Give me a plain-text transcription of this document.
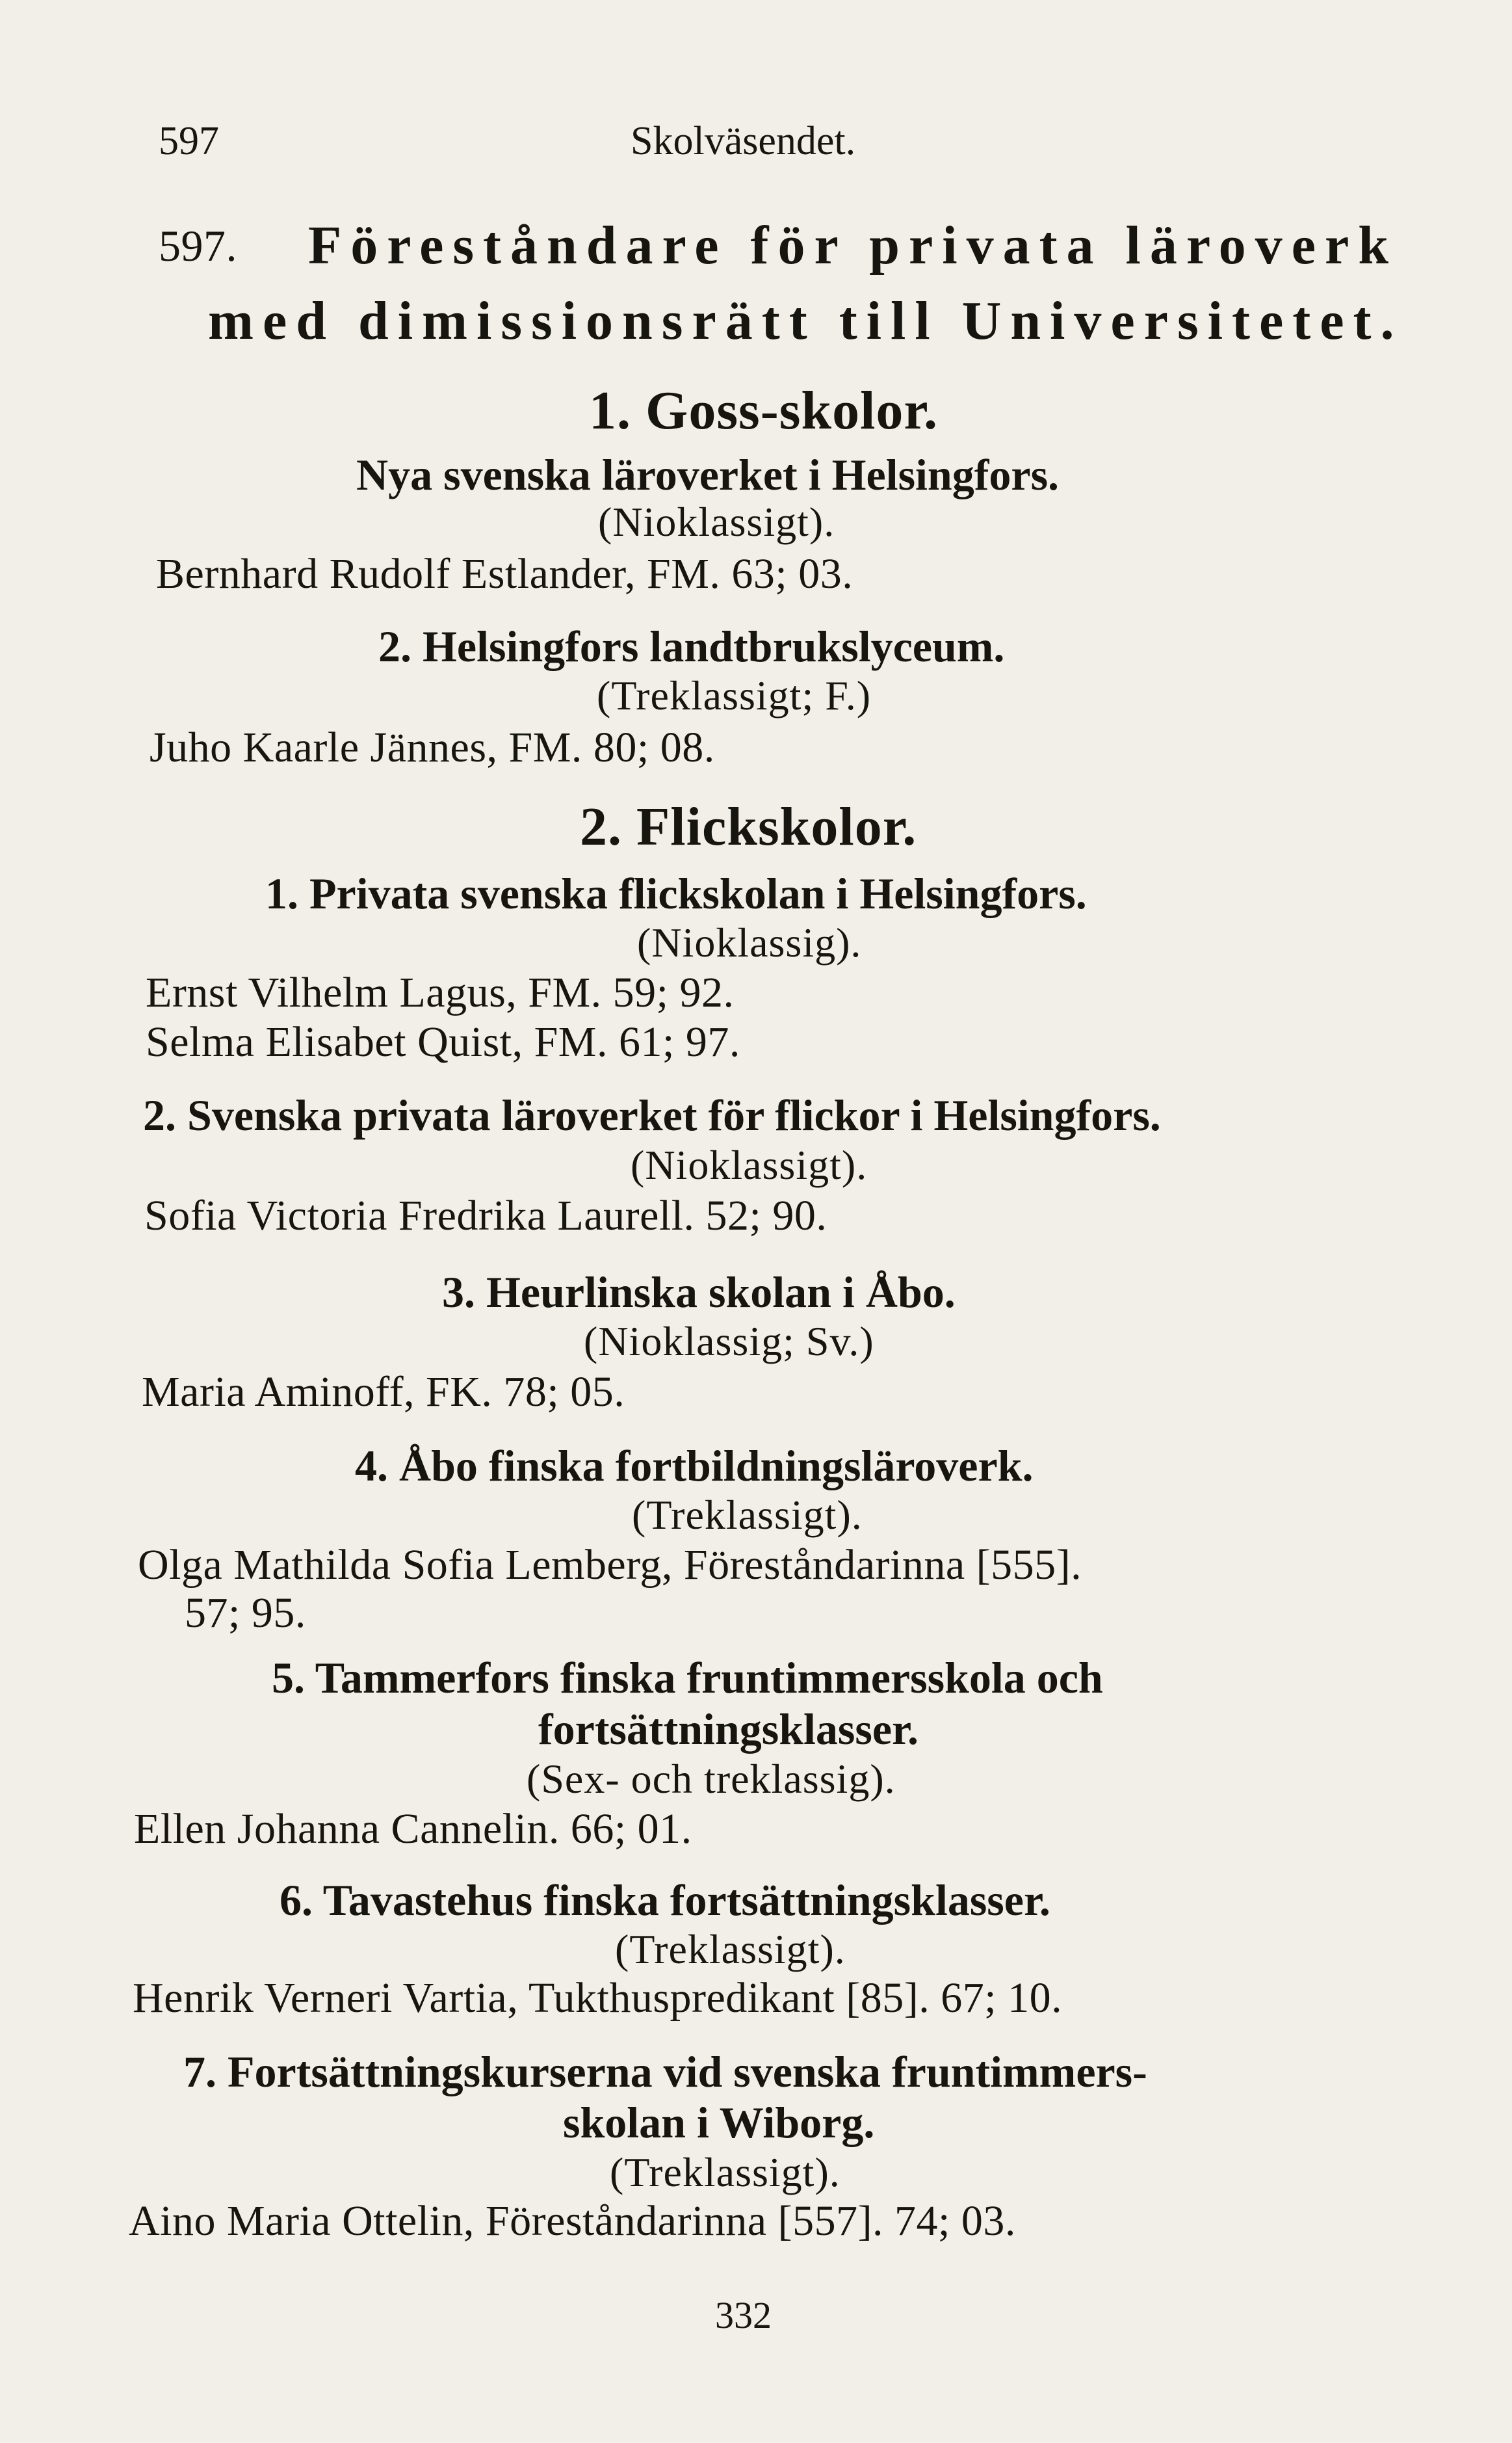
597	Skolväsendet.
597. Föreståndare för privata läroverk
med dimissionsrätt till Universitetet.
1. Goss-skolor.
Nya svenska läroverket i Helsingfors.
(Nioklassigt).
Bernhard Rudolf Estlander, FM. 63; 03.
2. Helsingfors landtbrukslyceum.
(Treklassigt; F.)
Juho Kaarle Jännes, FM. 80; 08.
2. Flickskolor.
1. Privata svenska flickskolan i Helsingfors.
(Nioklassig).
Ernst Vilhelm Lagus, FM. 59; 92.
Selma Elisabet Quist, FM. 61; 97.
2. Svenska privata läroverket för flickor i Helsingfors.
(Nioklassigt).
Sofia Victoria Fredrika Laurell. 52; 90.
3. Heurlinska skolan i Åbo.
(Nioklassig; Sv.)
Maria Aminoff, FK. 78; 05.
4. Åbo finska fortbildningsläroverk.
(Treklassigt).
Olga Mathilda Sofia Lemberg, Föreståndarinna [555].
57; 95.
5. Tammerfors finska fruntimmersskola och
fortsättningsklasser.
(Sex- och treklassig).
Ellen Johanna Cannelin. 66; 01.
6. Tavastehus finska fortsättningsklasser.
(Treklassigt).
Henrik Verneri Vartia, Tukthuspredikant [85]. 67; 10.
7. Fortsättningskurserna vid svenska fruntimmers-
skolan i Wiborg.
(Treklassigt).
Aino Maria Ottelin, Föreståndarinna [557]. 74; 03.
332
